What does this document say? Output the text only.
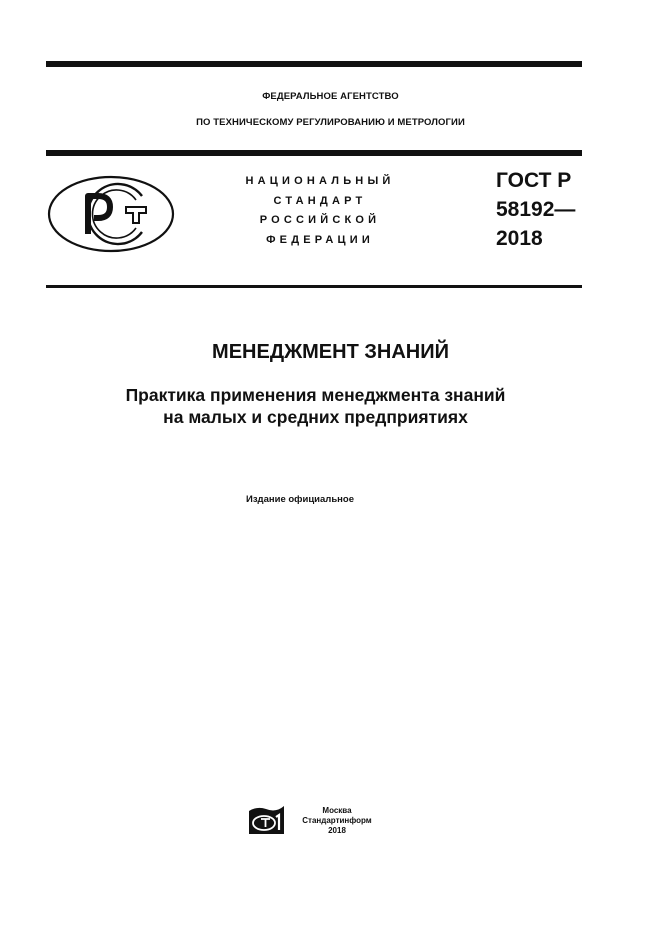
ФЕДЕРАЛЬНОЕ АГЕНТСТВО
ПО ТЕХНИЧЕСКОМУ РЕГУЛИРОВАНИЮ И МЕТРОЛОГИИ
НАЦИОНАЛЬНЫЙ
СТАНДАРТ
РОССИЙСКОЙ
ФЕДЕРАЦИИ
ГОСТ Р
58192—
2018
МЕНЕДЖМЕНТ ЗНАНИЙ
Практика применения менеджмента знаний
на малых и средних предприятиях
Издание официальное
Москва
Стандартинформ
2018
